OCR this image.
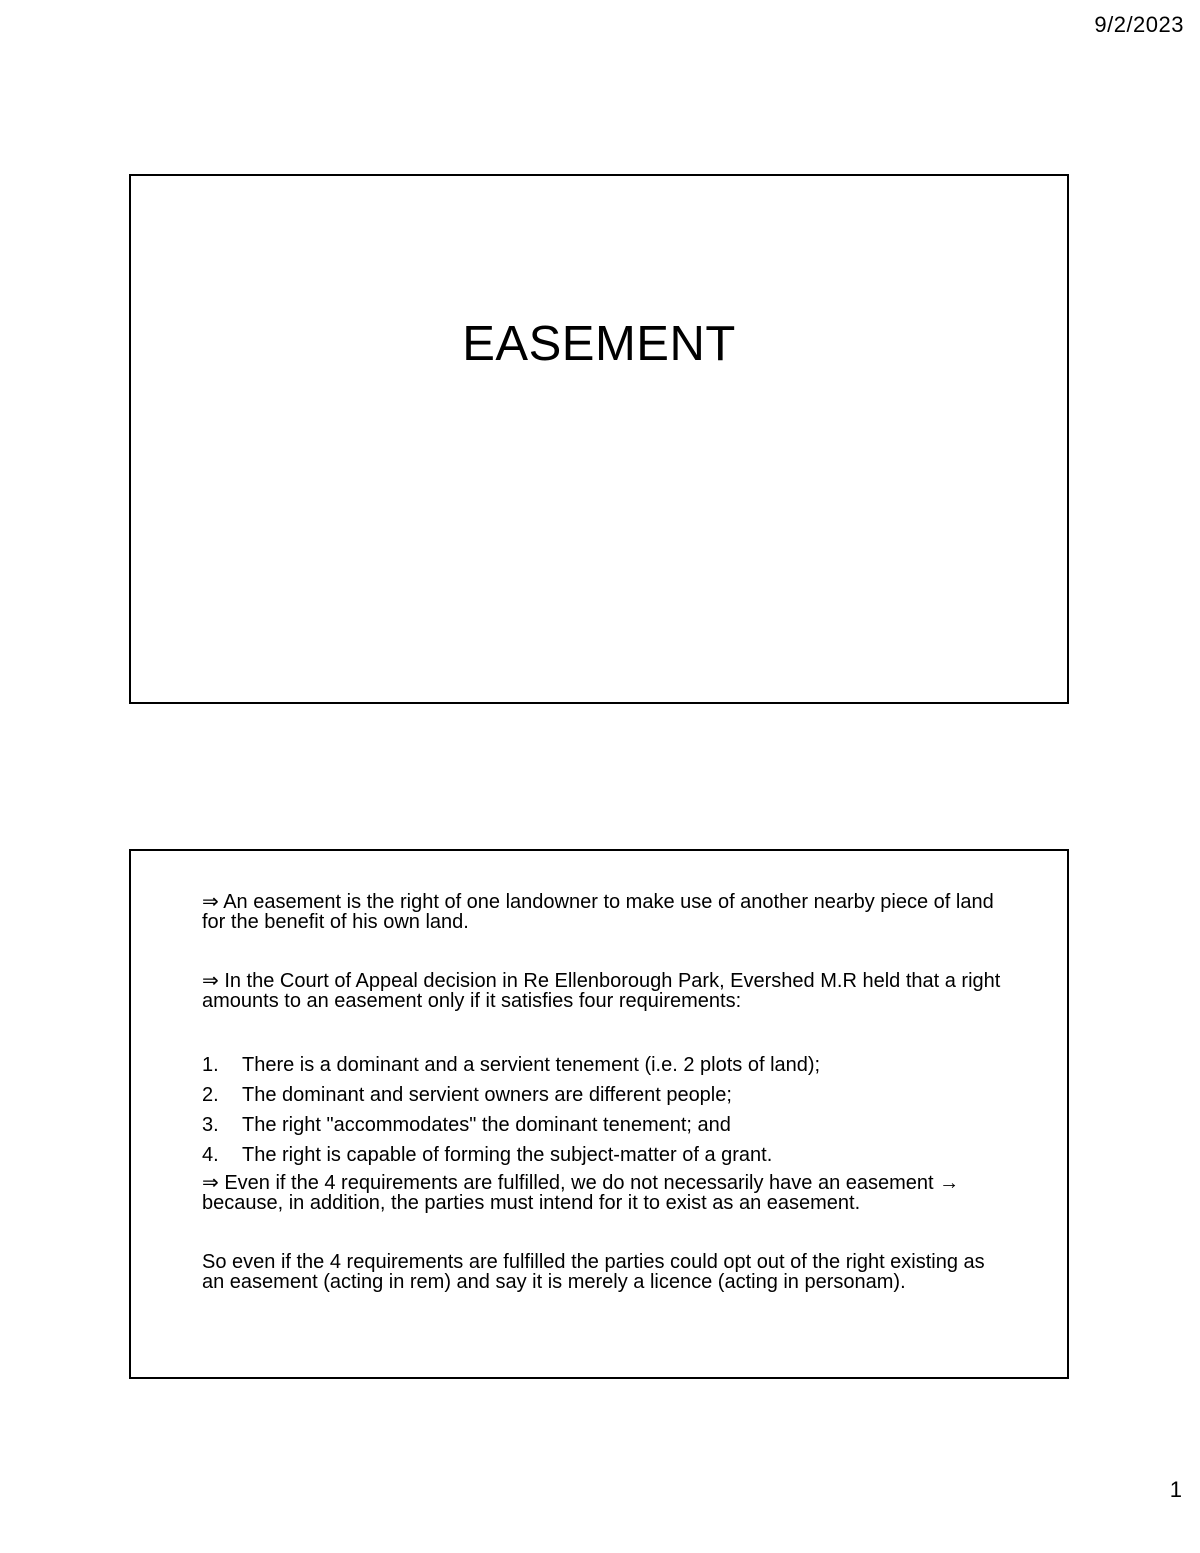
9/2/2023
EASEMENT

⇒ An easement is the right of one landowner to make use of another nearby piece of land for the benefit of his own land.

⇒ In the Court of Appeal decision in Re Ellenborough Park, Evershed M.R held that a right amounts to an easement only if it satisfies four requirements:

1.	There is a dominant and a servient tenement (i.e. 2 plots of land);
2.	The dominant and servient owners are different people;
3.	The right "accommodates" the dominant tenement; and
4.	The right is capable of forming the subject-matter of a grant.

⇒ Even if the 4 requirements are fulfilled, we do not necessarily have an easement → because, in addition, the parties must intend for it to exist as an easement.

So even if the 4 requirements are fulfilled the parties could opt out of the right existing as an easement (acting in rem) and say it is merely a licence (acting in personam).

1
